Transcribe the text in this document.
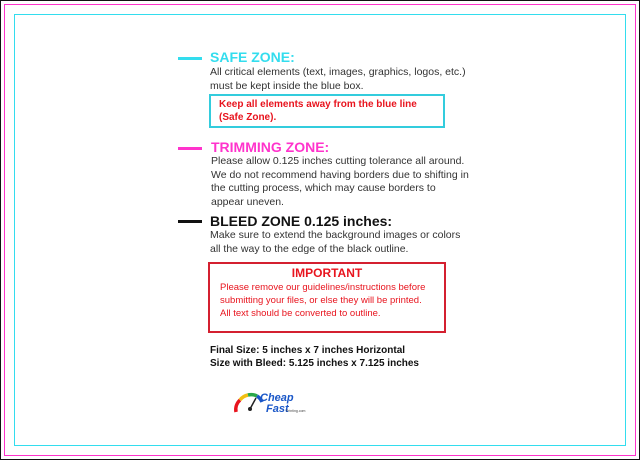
SAFE ZONE:
All critical elements (text, images, graphics, logos, etc.)
must be kept inside the blue box.
Keep all elements away from the blue line
(Safe Zone).
TRIMMING ZONE:
Please allow 0.125 inches cutting tolerance all around.
We do not recommend having borders due to shifting in
the cutting process, which may cause borders to
appear uneven.
BLEED ZONE 0.125 inches:
Make sure to extend the background images or colors
all the way to the edge of the black outline.
IMPORTANT
Please remove our guidelines/instructions before
submitting your files, or else they will be printed.
All text should be converted to outline.
Final Size: 5 inches x 7 inches Horizontal
Size with Bleed: 5.125 inches x 7.125 inches
Cheap
Fast
Printing.com
